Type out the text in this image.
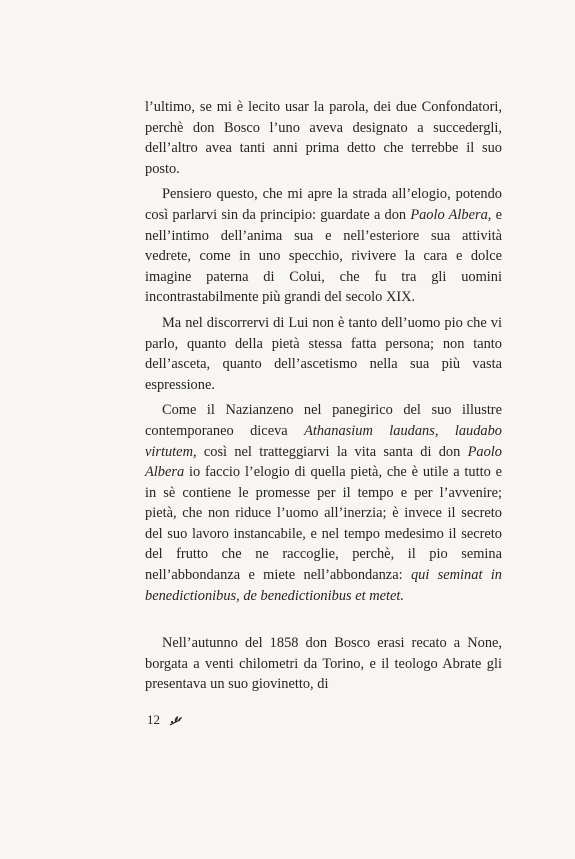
l’ultimo, se mi è lecito usar la parola, dei due Confondatori, perchè don Bosco l’uno aveva designato a succedergli, dell’altro avea tanti anni prima detto che terrebbe il suo posto.

Pensiero questo, che mi apre la strada all’elogio, potendo così parlarvi sin da principio: guardate a don Paolo Albera, e nell’intimo dell’anima sua e nell’esteriore sua attività vedrete, come in uno specchio, rivivere la cara e dolce imagine paterna di Colui, che fu tra gli uomini incontrastabilmente più grandi del secolo XIX.

Ma nel discorrervi di Lui non è tanto dell’uomo pio che vi parlo, quanto della pietà stessa fatta persona; non tanto dell’asceta, quanto dell’ascetismo nella sua più vasta espressione.

Come il Nazianzeno nel panegirico del suo illustre contemporaneo diceva Athanasium laudans, laudabo virtutem, così nel tratteggiarvi la vita santa di don Paolo Albera io faccio l’elogio di quella pietà, che è utile a tutto e in sè contiene le promesse per il tempo e per l’avvenire; pietà, che non riduce l’uomo all’inerzia; è invece il secreto del suo lavoro instancabile, e nel tempo medesimo il secreto del frutto che ne raccoglie, perchè, il pio semina nell’abbondanza e miete nell’abbondanza: qui seminat in benedictionibus, de benedictionibus et metet.

Nell’autunno del 1858 don Bosco erasi recato a None, borgata a venti chilometri da Torino, e il teologo Abrate gli presentava un suo giovinetto, di

12
